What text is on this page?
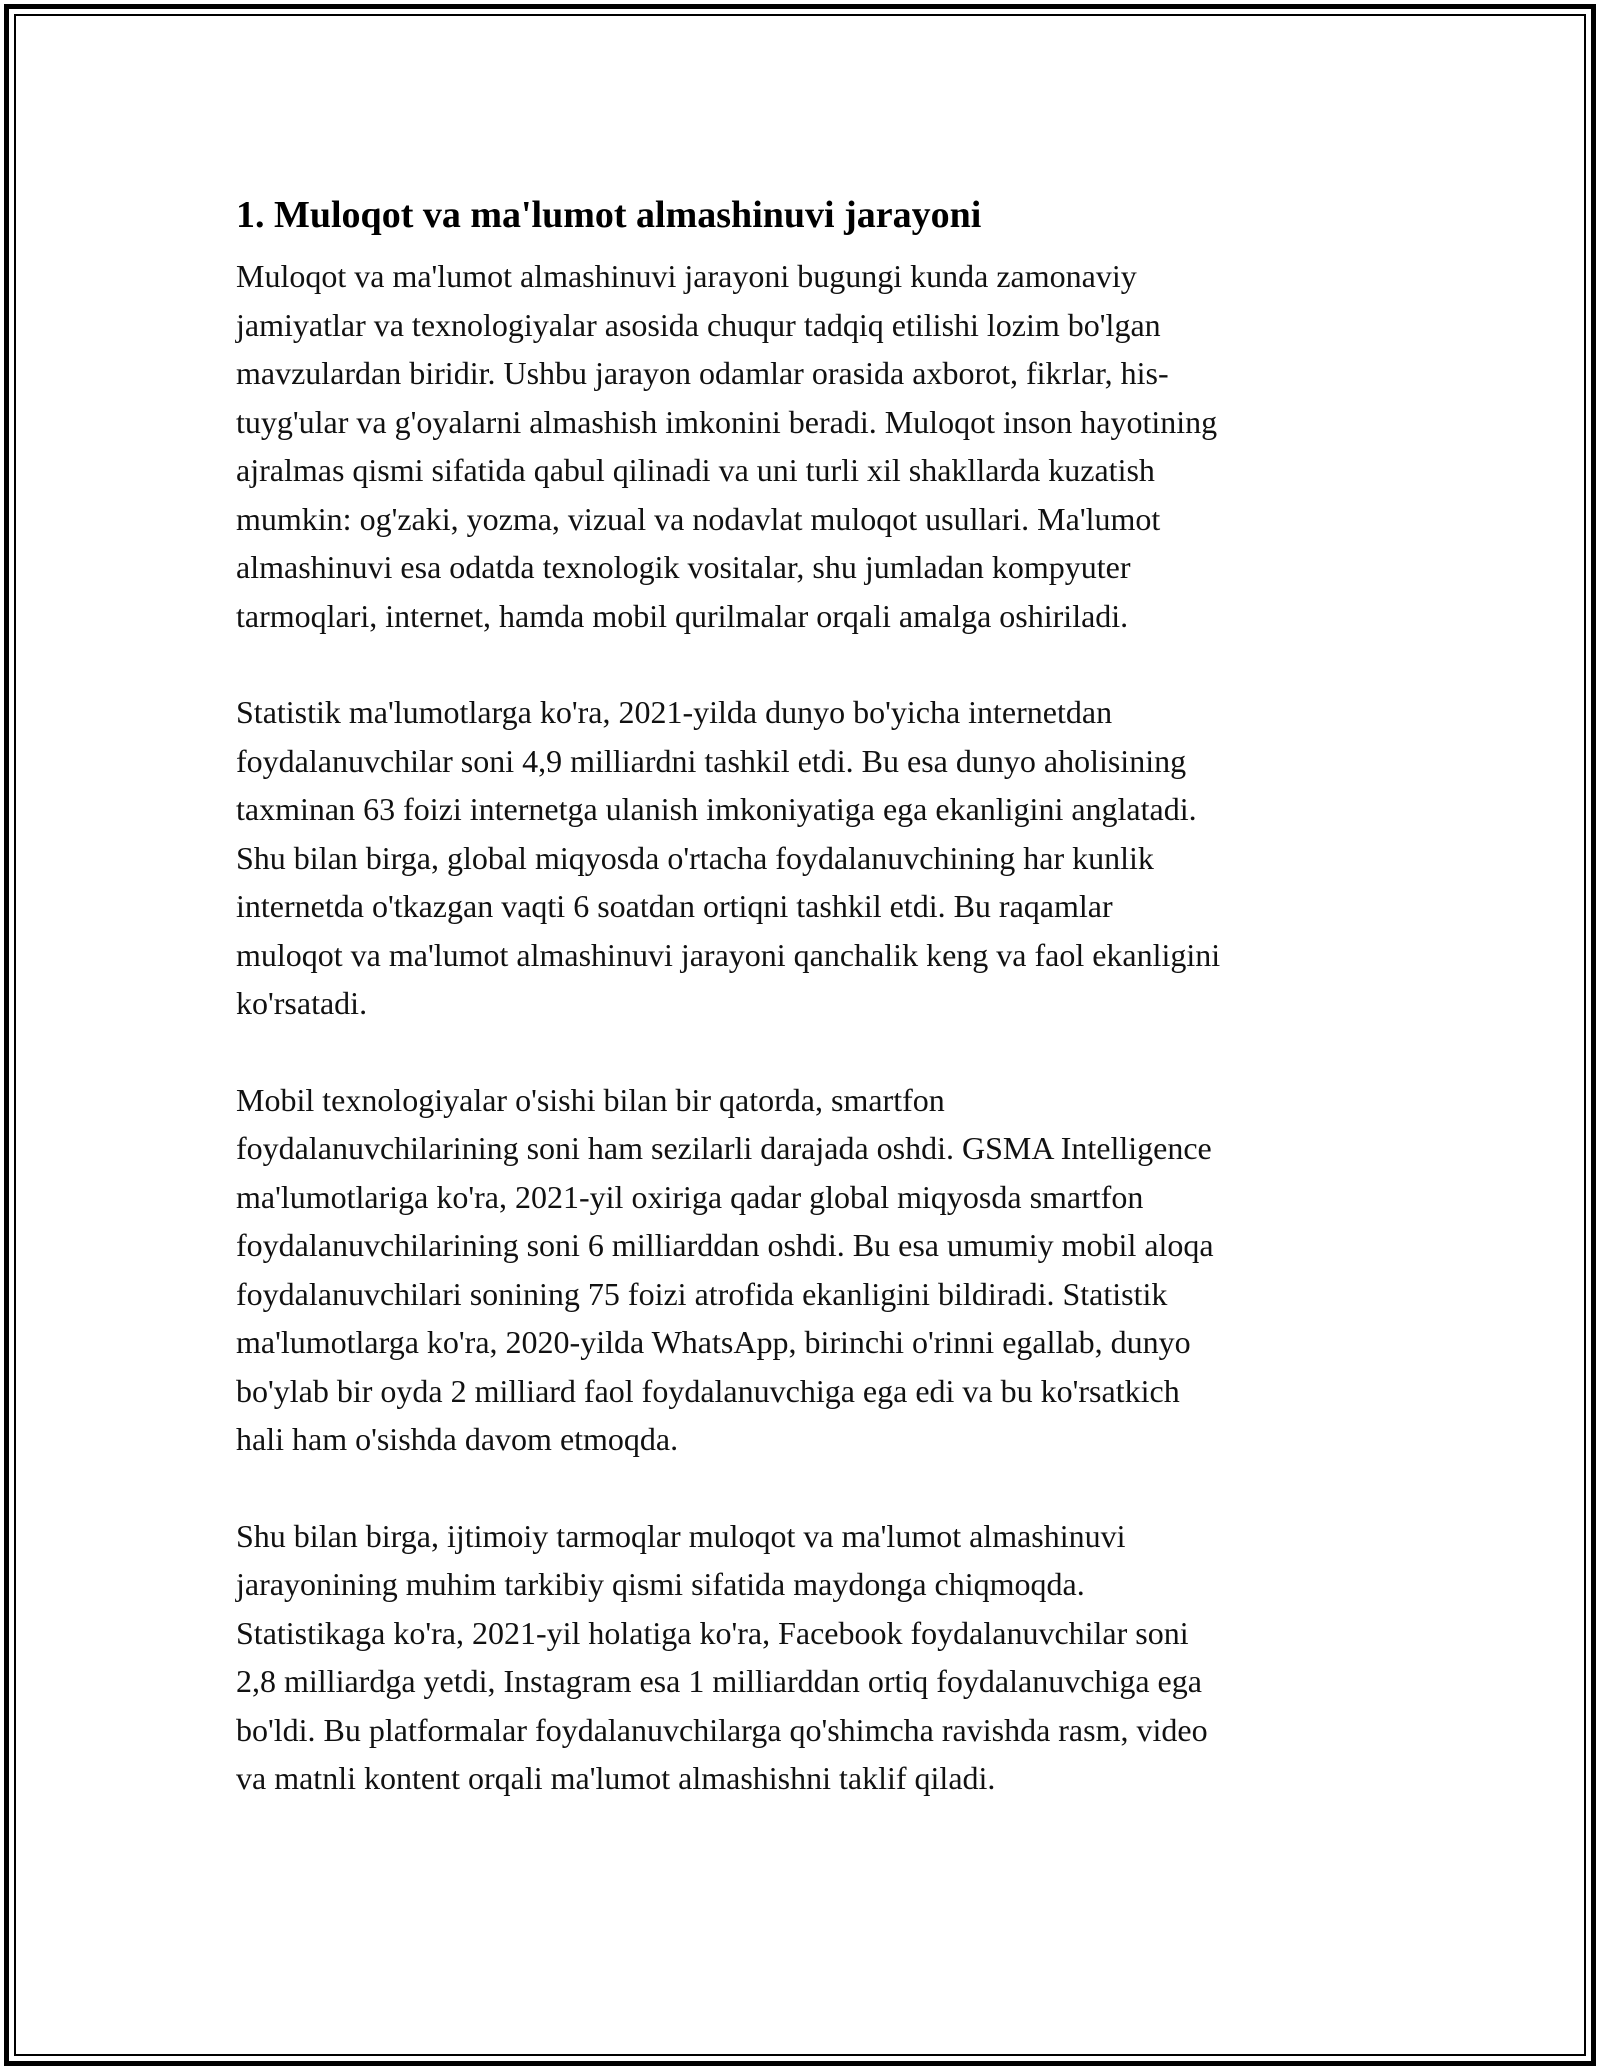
1. Muloqot va ma'lumot almashinuvi jarayoni
Muloqot va ma'lumot almashinuvi jarayoni bugungi kunda zamonaviy
jamiyatlar va texnologiyalar asosida chuqur tadqiq etilishi lozim bo'lgan
mavzulardan biridir. Ushbu jarayon odamlar orasida axborot, fikrlar, his-
tuyg'ular va g'oyalarni almashish imkonini beradi. Muloqot inson hayotining
ajralmas qismi sifatida qabul qilinadi va uni turli xil shakllarda kuzatish
mumkin: og'zaki, yozma, vizual va nodavlat muloqot usullari. Ma'lumot
almashinuvi esa odatda texnologik vositalar, shu jumladan kompyuter
tarmoqlari, internet, hamda mobil qurilmalar orqali amalga oshiriladi.
Statistik ma'lumotlarga ko'ra, 2021-yilda dunyo bo'yicha internetdan
foydalanuvchilar soni 4,9 milliardni tashkil etdi. Bu esa dunyo aholisining
taxminan 63 foizi internetga ulanish imkoniyatiga ega ekanligini anglatadi.
Shu bilan birga, global miqyosda o'rtacha foydalanuvchining har kunlik
internetda o'tkazgan vaqti 6 soatdan ortiqni tashkil etdi. Bu raqamlar
muloqot va ma'lumot almashinuvi jarayoni qanchalik keng va faol ekanligini
ko'rsatadi.
Mobil texnologiyalar o'sishi bilan bir qatorda, smartfon
foydalanuvchilarining soni ham sezilarli darajada oshdi. GSMA Intelligence
ma'lumotlariga ko'ra, 2021-yil oxiriga qadar global miqyosda smartfon
foydalanuvchilarining soni 6 milliarddan oshdi. Bu esa umumiy mobil aloqa
foydalanuvchilari sonining 75 foizi atrofida ekanligini bildiradi. Statistik
ma'lumotlarga ko'ra, 2020-yilda WhatsApp, birinchi o'rinni egallab, dunyo
bo'ylab bir oyda 2 milliard faol foydalanuvchiga ega edi va bu ko'rsatkich
hali ham o'sishda davom etmoqda.
Shu bilan birga, ijtimoiy tarmoqlar muloqot va ma'lumot almashinuvi
jarayonining muhim tarkibiy qismi sifatida maydonga chiqmoqda.
Statistikaga ko'ra, 2021-yil holatiga ko'ra, Facebook foydalanuvchilar soni
2,8 milliardga yetdi, Instagram esa 1 milliarddan ortiq foydalanuvchiga ega
bo'ldi. Bu platformalar foydalanuvchilarga qo'shimcha ravishda rasm, video
va matnli kontent orqali ma'lumot almashishni taklif qiladi.
